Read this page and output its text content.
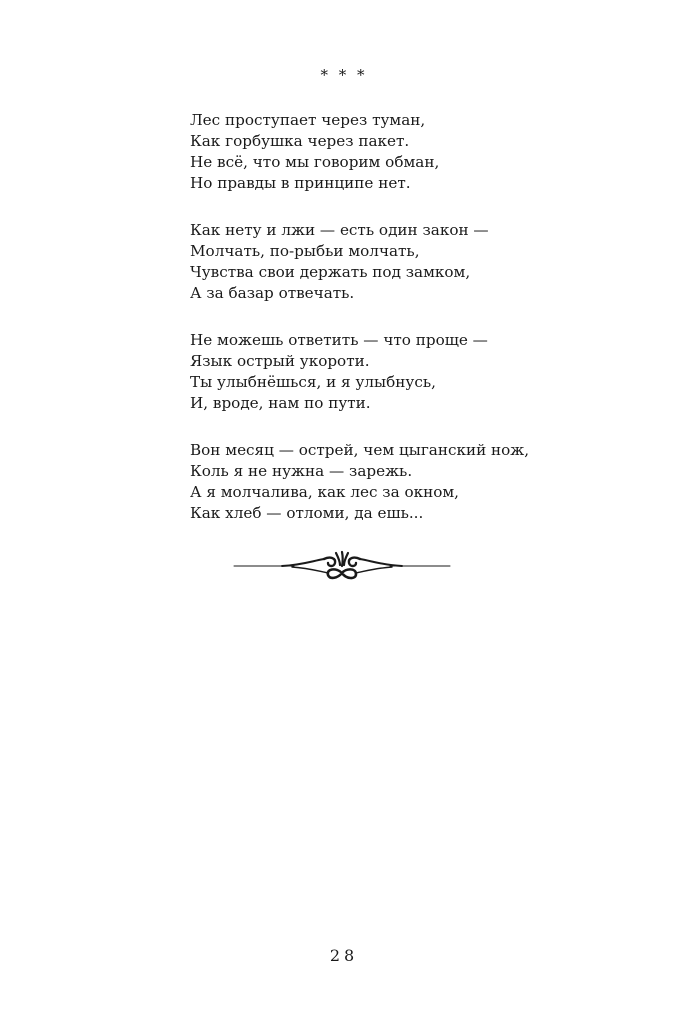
* * *
Лес проступает через туман,
Как горбушка через пакет.
Не всё, что мы говорим обман,
Но правды в принципе нет.
Как нету и лжи — есть один закон —
Молчать, по-рыбьи молчать,
Чувства свои держать под замком,
А за базар отвечать.
Не можешь ответить — что проще —
Язык острый укороти.
Ты улыбнёшься, и я улыбнусь,
И, вроде, нам по пути.
Вон месяц — острей, чем цыганский нож,
Коль я не нужна — зарежь.
А я молчалива, как лес за окном,
Как хлеб — отломи, да ешь...
28
